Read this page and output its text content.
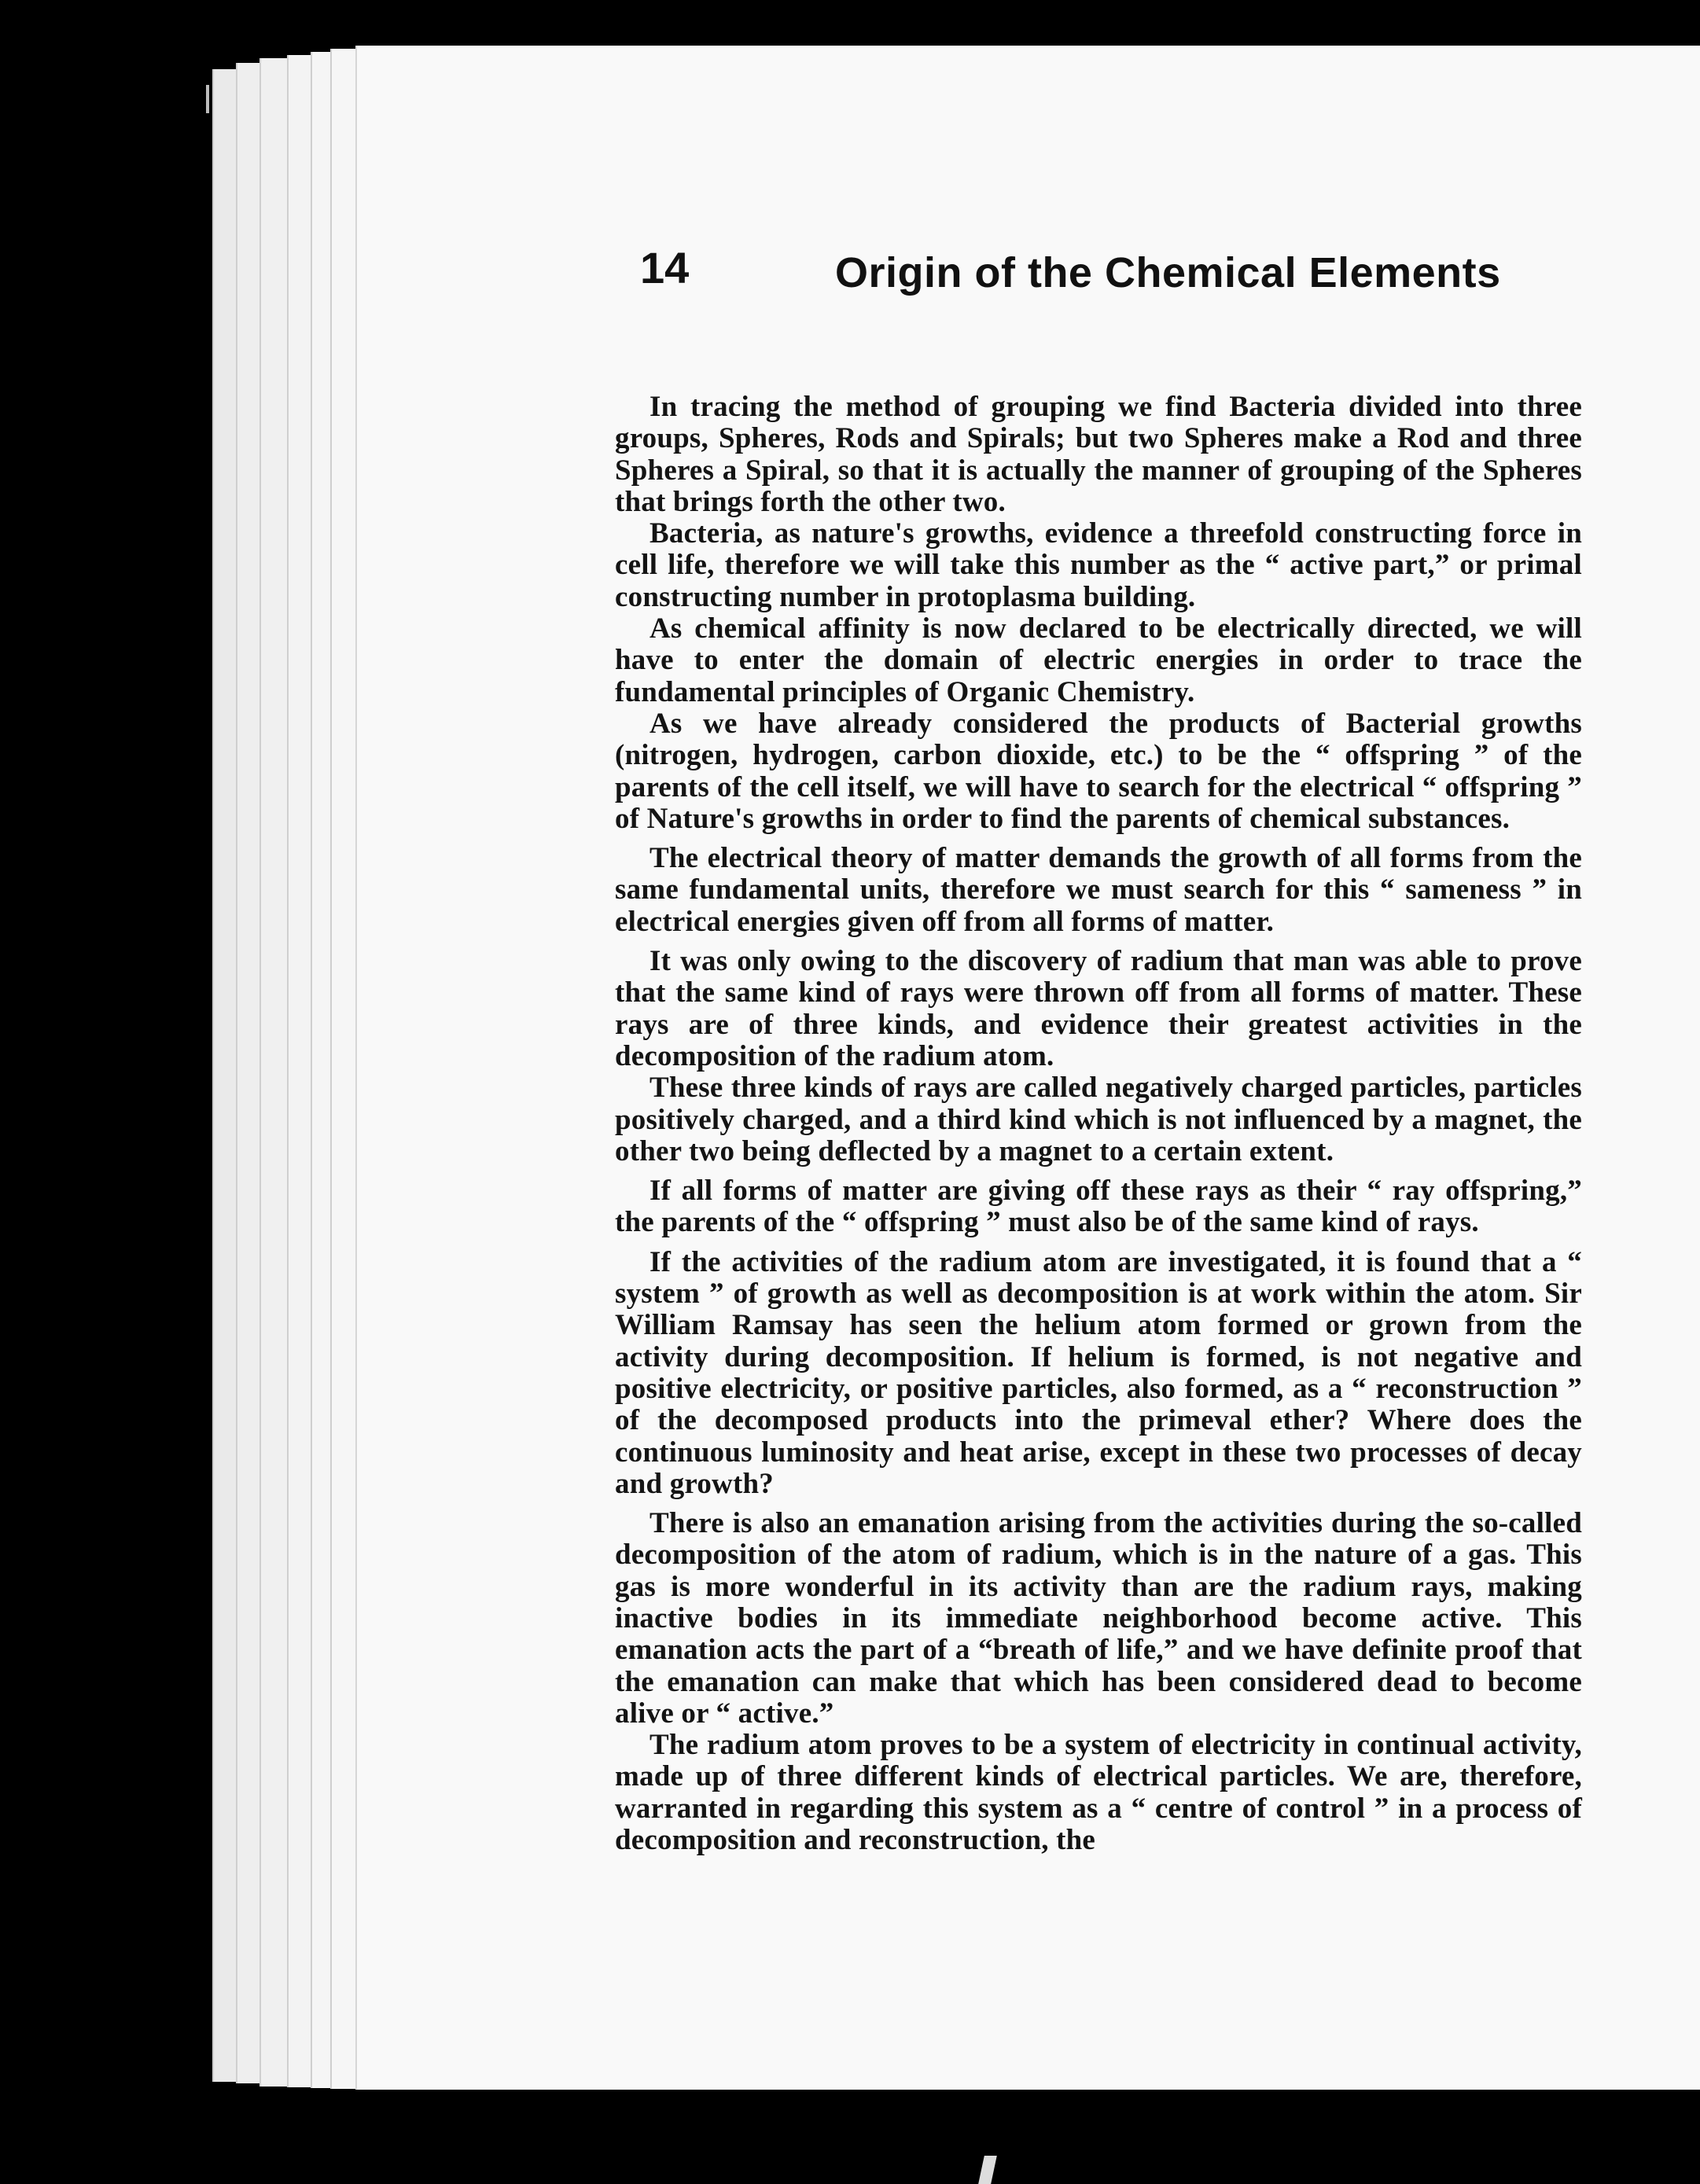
14	Origin of the Chemical Elements

In tracing the method of grouping we find Bacteria divided into three groups, Spheres, Rods and Spirals; but two Spheres make a Rod and three Spheres a Spiral, so that it is actually the manner of grouping of the Spheres that brings forth the other two.

Bacteria, as nature's growths, evidence a threefold constructing force in cell life, therefore we will take this number as the “ active part,” or primal constructing number in protoplasma building.

As chemical affinity is now declared to be electrically directed, we will have to enter the domain of electric energies in order to trace the fundamental principles of Organic Chemistry.

As we have already considered the products of Bacterial growths (nitrogen, hydrogen, carbon dioxide, etc.) to be the “ offspring ” of the parents of the cell itself, we will have to search for the electrical “ offspring ” of Nature's growths in order to find the parents of chemical substances.

The electrical theory of matter demands the growth of all forms from the same fundamental units, therefore we must search for this “ sameness ” in electrical energies given off from all forms of matter.

It was only owing to the discovery of radium that man was able to prove that the same kind of rays were thrown off from all forms of matter. These rays are of three kinds, and evidence their greatest activities in the decomposition of the radium atom.

These three kinds of rays are called negatively charged particles, particles positively charged, and a third kind which is not influenced by a magnet, the other two being deflected by a magnet to a certain extent.

If all forms of matter are giving off these rays as their “ ray offspring,” the parents of the “ offspring ” must also be of the same kind of rays.

If the activities of the radium atom are investigated, it is found that a “ system ” of growth as well as decomposition is at work within the atom. Sir William Ramsay has seen the helium atom formed or grown from the activity during decomposition. If helium is formed, is not negative and positive electricity, or positive particles, also formed, as a “ reconstruction ” of the decomposed products into the primeval ether? Where does the continuous luminosity and heat arise, except in these two processes of decay and growth?

There is also an emanation arising from the activities during the so-called decomposition of the atom of radium, which is in the nature of a gas. This gas is more wonderful in its activity than are the radium rays, making inactive bodies in its immediate neighborhood become active. This emanation acts the part of a “breath of life,” and we have definite proof that the emanation can make that which has been considered dead to become alive or “ active.”

The radium atom proves to be a system of electricity in continual activity, made up of three different kinds of electrical particles. We are, therefore, warranted in regarding this system as a “ centre of control ” in a process of decomposition and reconstruction, the
